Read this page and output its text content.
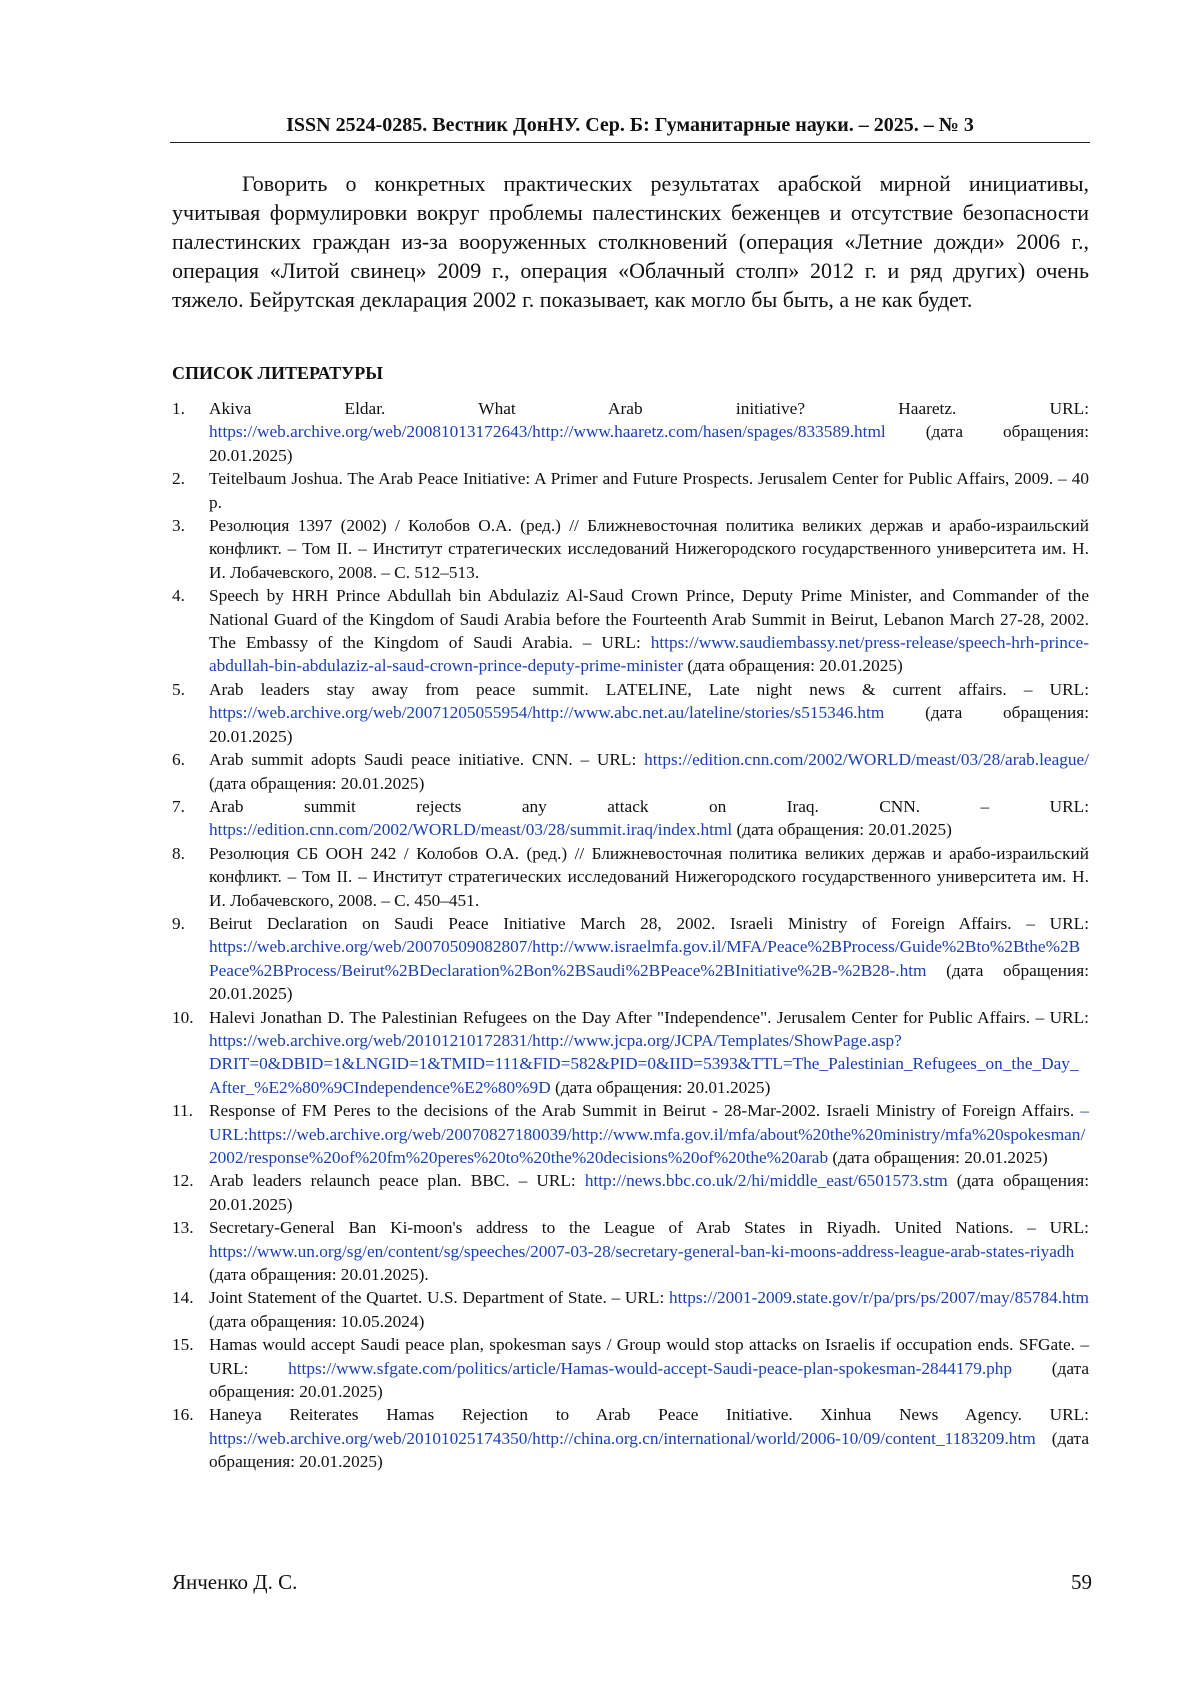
ISSN 2524-0285. Вестник ДонНУ. Сер. Б: Гуманитарные науки. – 2025. – № 3

Говорить о конкретных практических результатах арабской мирной инициативы, учитывая формулировки вокруг проблемы палестинских беженцев и отсутствие безопасности палестинских граждан из-за вооруженных столкновений (операция «Летние дожди» 2006 г., операция «Литой свинец» 2009 г., операция «Облачный столп» 2012 г. и ряд других) очень тяжело. Бейрутская декларация 2002 г. показывает, как могло бы быть, а не как будет.

СПИСОК ЛИТЕРАТУРЫ
1.	Akiva Eldar. What Arab initiative? Haaretz. URL: https://web.archive.org/web/20081013172643/http://www.haaretz.com/hasen/spages/833589.html (дата обращения: 20.01.2025)
2.	Teitelbaum Joshua. The Arab Peace Initiative: A Primer and Future Prospects. Jerusalem Center for Public Affairs, 2009. – 40 p.
3.	Резолюция 1397 (2002) / Колобов О.А. (ред.) // Ближневосточная политика великих держав и арабо-израильский конфликт. – Том II. – Институт стратегических исследований Нижегородского государственного университета им. Н. И. Лобачевского, 2008. – С. 512–513.
4.	Speech by HRH Prince Abdullah bin Abdulaziz Al-Saud Crown Prince, Deputy Prime Minister, and Commander of the National Guard of the Kingdom of Saudi Arabia before the Fourteenth Arab Summit in Beirut, Lebanon March 27-28, 2002. The Embassy of the Kingdom of Saudi Arabia. – URL: https://www.saudiembassy.net/press-release/speech-hrh-prince-abdullah-bin-abdulaziz-al-saud-crown-prince-deputy-prime-minister (дата обращения: 20.01.2025)
5.	Arab leaders stay away from peace summit. LATELINE, Late night news & current affairs. – URL: https://web.archive.org/web/20071205055954/http://www.abc.net.au/lateline/stories/s515346.htm (дата обращения: 20.01.2025)
6.	Arab summit adopts Saudi peace initiative. CNN. – URL: https://edition.cnn.com/2002/WORLD/meast/03/28/arab.league/ (дата обращения: 20.01.2025)
7.	Arab summit rejects any attack on Iraq. CNN. – URL: https://edition.cnn.com/2002/WORLD/meast/03/28/summit.iraq/index.html (дата обращения: 20.01.2025)
8.	Резолюция СБ ООН 242 / Колобов О.А. (ред.) // Ближневосточная политика великих держав и арабо-израильский конфликт. – Том II. – Институт стратегических исследований Нижегородского государственного университета им. Н. И. Лобачевского, 2008. – С. 450–451.
9.	Beirut Declaration on Saudi Peace Initiative March 28, 2002. Israeli Ministry of Foreign Affairs. – URL: https://web.archive.org/web/20070509082807/http://www.israelmfa.gov.il/MFA/Peace%2BProcess/Guide%2Bto%2Bthe%2BPeace%2BProcess/Beirut%2BDeclaration%2Bon%2BSaudi%2BPeace%2BInitiative%2B-%2B28-.htm (дата обращения: 20.01.2025)
10. Halevi Jonathan D. The Palestinian Refugees on the Day After "Independence". Jerusalem Center for Public Affairs. – URL: https://web.archive.org/web/20101210172831/http://www.jcpa.org/JCPA/Templates/ShowPage.asp?DRIT=0&DBID=1&LNGID=1&TMID=111&FID=582&PID=0&IID=5393&TTL=The_Palestinian_Refugees_on_the_Day_After_%E2%80%9CIndependence%E2%80%9D (дата обращения: 20.01.2025)
11. Response of FM Peres to the decisions of the Arab Summit in Beirut - 28-Mar-2002. Israeli Ministry of Foreign Affairs. – URL:https://web.archive.org/web/20070827180039/http://www.mfa.gov.il/mfa/about%20the%20ministry/mfa%20spokesman/2002/response%20of%20fm%20peres%20to%20the%20decisions%20of%20the%20arab (дата обращения: 20.01.2025)
12. Arab leaders relaunch peace plan. BBC. – URL: http://news.bbc.co.uk/2/hi/middle_east/6501573.stm (дата обращения: 20.01.2025)
13. Secretary-General Ban Ki-moon's address to the League of Arab States in Riyadh. United Nations. – URL: https://www.un.org/sg/en/content/sg/speeches/2007-03-28/secretary-general-ban-ki-moons-address-league-arab-states-riyadh (дата обращения: 20.01.2025).
14. Joint Statement of the Quartet. U.S. Department of State. – URL: https://2001-2009.state.gov/r/pa/prs/ps/2007/may/85784.htm (дата обращения: 10.05.2024)
15. Hamas would accept Saudi peace plan, spokesman says / Group would stop attacks on Israelis if occupation ends. SFGate. – URL: https://www.sfgate.com/politics/article/Hamas-would-accept-Saudi-peace-plan-spokesman-2844179.php (дата обращения: 20.01.2025)
16. Haneya Reiterates Hamas Rejection to Arab Peace Initiative. Xinhua News Agency. URL: https://web.archive.org/web/20101025174350/http://china.org.cn/international/world/2006-10/09/content_1183209.htm (дата обращения: 20.01.2025)
Янченко Д. С.	59
